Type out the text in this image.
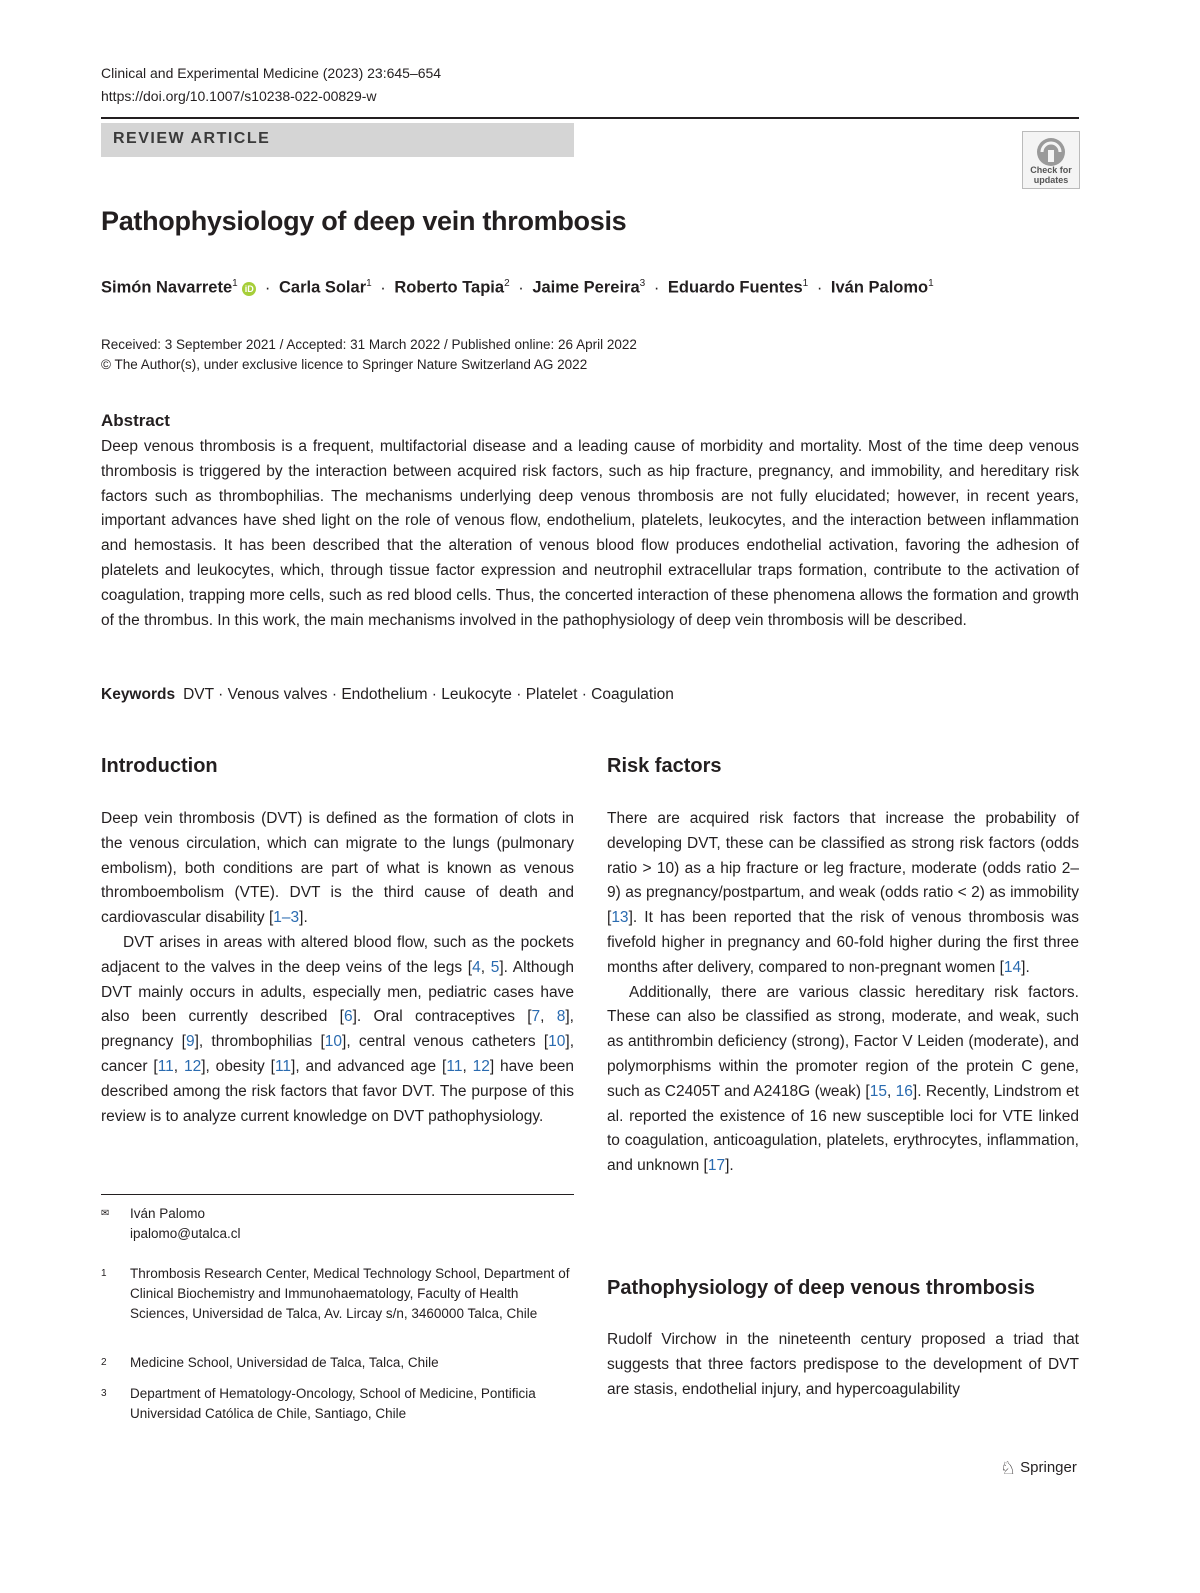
Clinical and Experimental Medicine (2023) 23:645–654
https://doi.org/10.1007/s10238-022-00829-w
REVIEW ARTICLE
Check for updates
Pathophysiology of deep vein thrombosis
Simón Navarrete$^1$ iD · Carla Solar$^1$ · Roberto Tapia$^2$ · Jaime Pereira$^3$ · Eduardo Fuentes$^1$ · Iván Palomo$^1$
Received: 3 September 2021 / Accepted: 31 March 2022 / Published online: 26 April 2022
© The Author(s), under exclusive licence to Springer Nature Switzerland AG 2022
Abstract
Deep venous thrombosis is a frequent, multifactorial disease and a leading cause of morbidity and mortality. Most of the time deep venous thrombosis is triggered by the interaction between acquired risk factors, such as hip fracture, pregnancy, and immobility, and hereditary risk factors such as thrombophilias. The mechanisms underlying deep venous thrombosis are not fully elucidated; however, in recent years, important advances have shed light on the role of venous flow, endothelium, platelets, leukocytes, and the interaction between inflammation and hemostasis. It has been described that the alteration of venous blood flow produces endothelial activation, favoring the adhesion of platelets and leukocytes, which, through tissue factor expression and neutrophil extracellular traps formation, contribute to the activation of coagulation, trapping more cells, such as red blood cells. Thus, the concerted interaction of these phenomena allows the formation and growth of the thrombus. In this work, the main mechanisms involved in the pathophysiology of deep vein thrombosis will be described.
Keywords DVT · Venous valves · Endothelium · Leukocyte · Platelet · Coagulation
Introduction

Deep vein thrombosis (DVT) is defined as the formation of clots in the venous circulation, which can migrate to the lungs (pulmonary embolism), both conditions are part of what is known as venous thromboembolism (VTE). DVT is the third cause of death and cardiovascular disability [1–3].

DVT arises in areas with altered blood flow, such as the pockets adjacent to the valves in the deep veins of the legs [4, 5]. Although DVT mainly occurs in adults, especially men, pediatric cases have also been currently described [6]. Oral contraceptives [7, 8], pregnancy [9], thrombophilias [10], central venous catheters [10], cancer [11, 12], obesity [11], and advanced age [11, 12] have been described among the risk factors that favor DVT. The purpose of this review is to analyze current knowledge on DVT pathophysiology.

✉ Iván Palomo
ipalomo@utalca.cl
1 Thrombosis Research Center, Medical Technology School, Department of Clinical Biochemistry and Immunohaematology, Faculty of Health Sciences, Universidad de Talca, Av. Lircay s/n, 3460000 Talca, Chile
2 Medicine School, Universidad de Talca, Talca, Chile
3 Department of Hematology-Oncology, School of Medicine, Pontificia Universidad Católica de Chile, Santiago, Chile
Risk factors

There are acquired risk factors that increase the probability of developing DVT, these can be classified as strong risk factors (odds ratio > 10) as a hip fracture or leg fracture, moderate (odds ratio 2–9) as pregnancy/postpartum, and weak (odds ratio < 2) as immobility [13]. It has been reported that the risk of venous thrombosis was fivefold higher in pregnancy and 60-fold higher during the first three months after delivery, compared to non-pregnant women [14].

Additionally, there are various classic hereditary risk factors. These can also be classified as strong, moderate, and weak, such as antithrombin deficiency (strong), Factor V Leiden (moderate), and polymorphisms within the promoter region of the protein C gene, such as C2405T and A2418G (weak) [15, 16]. Recently, Lindstrom et al. reported the existence of 16 new susceptible loci for VTE linked to coagulation, anticoagulation, platelets, erythrocytes, inflammation, and unknown [17].

Pathophysiology of deep venous thrombosis

Rudolf Virchow in the nineteenth century proposed a triad that suggests that three factors predispose to the development of DVT are stasis, endothelial injury, and hypercoagulability

♘ Springer
